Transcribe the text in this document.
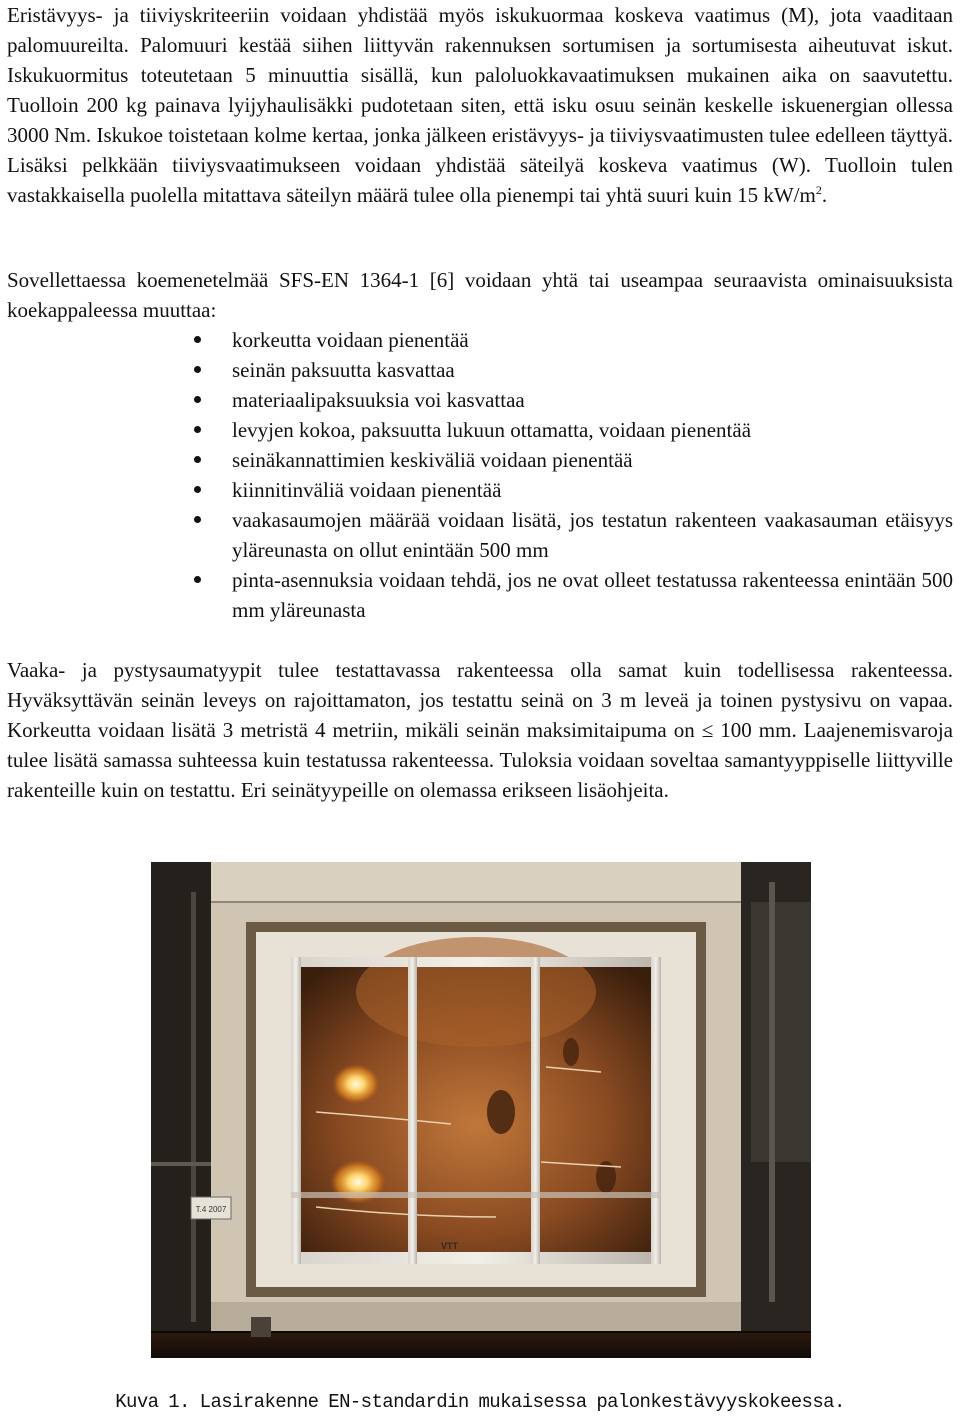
Eristävyys- ja tiiviyskriteeriin voidaan yhdistää myös iskukuormaa koskeva vaatimus (M), jota vaaditaan palomuureilta. Palomuuri kestää siihen liittyvän rakennuksen sortumisen ja sortumisesta aiheutuvat iskut. Iskukuormitus toteutetaan 5 minuuttia sisällä, kun paloluokkavaatimuksen mukainen aika on saavutettu. Tuolloin 200 kg painava lyijyhaulisäkki pudotetaan siten, että isku osuu seinän keskelle iskuenergian ollessa 3000 Nm. Iskukoe toistetaan kolme kertaa, jonka jälkeen eristävyys- ja tiiviysvaatimusten tulee edelleen täyttyä. Lisäksi pelkkään tiiviysvaatimukseen voidaan yhdistää säteilyä koskeva vaatimus (W). Tuolloin tulen vastakkaisella puolella mitattava säteilyn määrä tulee olla pienempi tai yhtä suuri kuin 15 $kW/m^2$.

Sovellettaessa koemenetelmää SFS-EN 1364-1 [6] voidaan yhtä tai useampaa seuraavista ominaisuuksista koekappaleessa muuttaa:

korkeutta voidaan pienentää
seinän paksuutta kasvattaa
materiaalipaksuuksia voi kasvattaa
levyjen kokoa, paksuutta lukuun ottamatta, voidaan pienentää
seinäkannattimien keskiväliä voidaan pienentää
kiinnitinväliä voidaan pienentää
vaakasaumojen määrää voidaan lisätä, jos testatun rakenteen vaakasauman etäisyys yläreunasta on ollut enintään 500 mm
pinta-asennuksia voidaan tehdä, jos ne ovat olleet testatussa rakenteessa enintään 500 mm yläreunasta

Vaaka- ja pystysaumatyypit tulee testattavassa rakenteessa olla samat kuin todellisessa rakenteessa. Hyväksyttävän seinän leveys on rajoittamaton, jos testattu seinä on 3 m leveä ja toinen pystysivu on vapaa. Korkeutta voidaan lisätä 3 metristä 4 metriin, mikäli seinän maksimitaipuma on ≤ 100 mm. Laajenemisvaroja tulee lisätä samassa suhteessa kuin testatussa rakenteessa. Tuloksia voidaan soveltaa samantyyppiselle liittyville rakenteille kuin on testattu. Eri seinätyypeille on olemassa erikseen lisäohjeita.

T.4 2007
VTT

Kuva 1. Lasirakenne EN-standardin mukaisessa palonkestävyyskokeessa.
